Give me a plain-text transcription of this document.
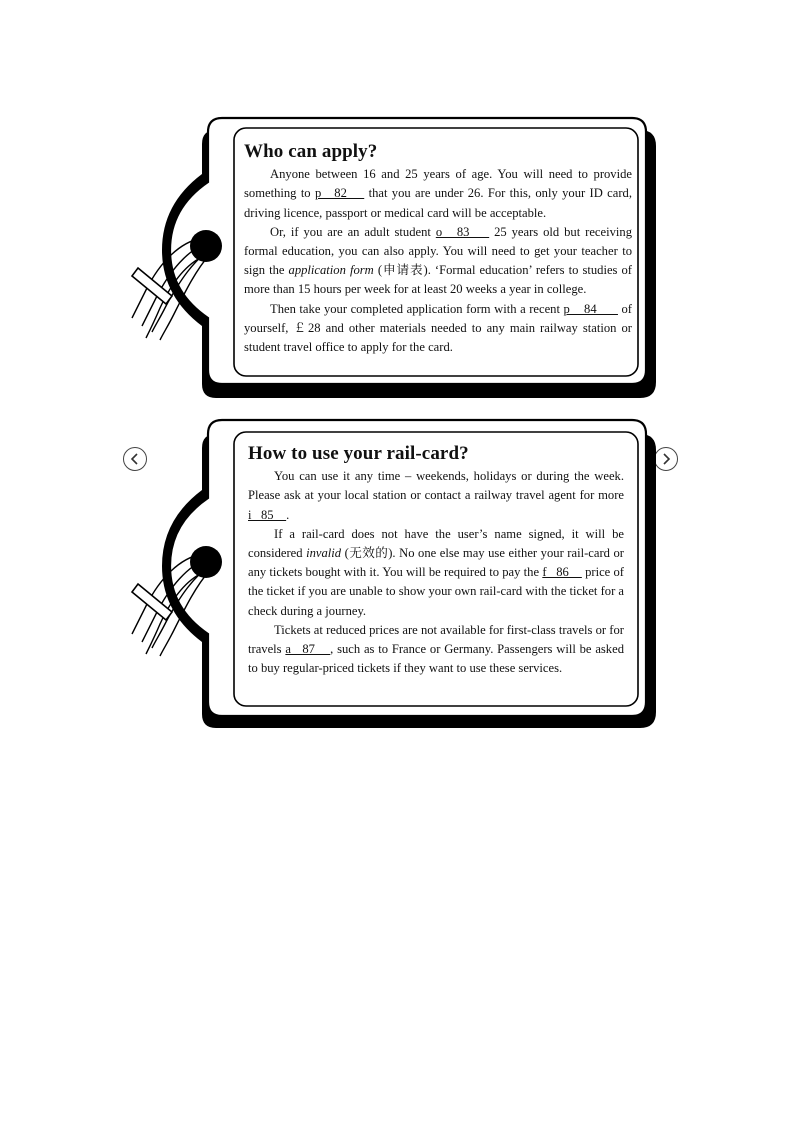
Who can apply?

Anyone between 16 and 25 years of age. You will need to provide something to p   82     that you are under 26. For this, only your ID card, driving licence, passport or medical card will be acceptable.

Or, if you are an adult student o   83     25 years old but receiving formal education, you can also apply. You will need to get your teacher to sign the application form (申请表). ‘Formal education’ refers to studies of more than 15 hours per week for at least 20 weeks a year in college.

Then take your completed application form with a recent p    84       of yourself, ￡28 and other materials needed to any main railway station or student travel office to apply for the card.

How to use your rail-card?

You can use it any time – weekends, holidays or during the week. Please ask at your local station or contact a railway travel agent for more i   85    .

If a rail-card does not have the user’s name signed, it will be considered invalid (无效的). No one else may use either your rail-card or any tickets bought with it. You will be required to pay the f   86     price of the ticket if you are unable to show your own rail-card with the ticket for a check during a journey.

Tickets at reduced prices are not available for first-class travels or for travels a   87    , such as to France or Germany. Passengers will be asked to buy regular-priced tickets if they want to use these services.
